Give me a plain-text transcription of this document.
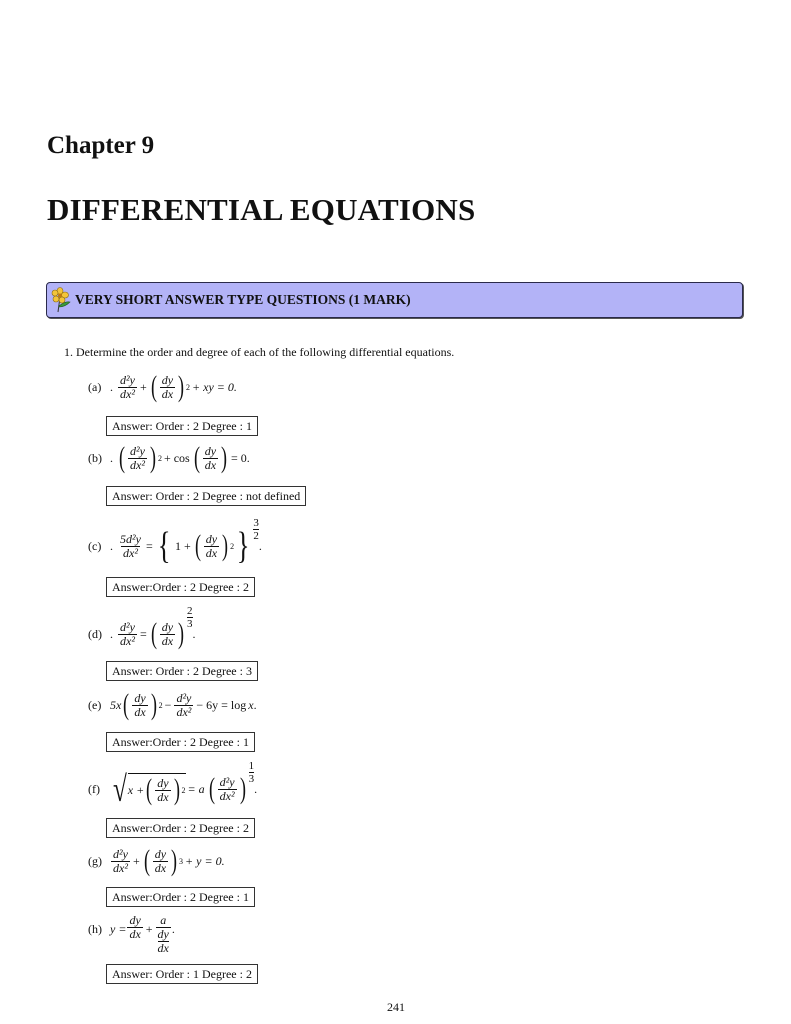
Chapter 9
DIFFERENTIAL EQUATIONS
VERY SHORT ANSWER TYPE QUESTIONS (1 MARK)
1. Determine the order and degree of each of the following differential equations.
(a) . $\frac{\text{d²y}}{\text{dx²}}$ + ( $\frac{dy}{dx}$ ) 2 + xy = 0.
Answer: Order : 2 Degree : 1
(b) . ( $\frac{\text{d²y}}{\text{dx²}}$ ) 2 + cos ( $\frac{dy}{dx}$ ) = 0.
Answer: Order : 2 Degree : not defined
(c) . $\frac{\text{5d²y}}{\text{dx²}}$ = { 1 + ( $\frac{dy}{dx}$ ) 2 } $\frac{3}{2}$
.
Answer:Order : 2 Degree : 2
(d) . $\frac{\text{d²y}}{\text{dx²}}$ = ( $\frac{dy}{dx}$ ) $\frac{2}{3}$
.
Answer: Order : 2 Degree : 3
(e) 5x ( $\frac{dy}{dx}$ ) $2 - \frac{\text{d²y}}{\text{dx²}} - 6y = \log x$ .
Answer:Order : 2 Degree : 1
(f) √ x + ( $\frac{dy}{dx}$ ) 2 = a ( $\frac{\text{d²y}}{\text{dx²}}$ ) $\frac{1}{3}$
.
Answer:Order : 2 Degree : 2
$(g) \frac{\text{d²y}}{\text{dx²}}$ + ( $\frac{dy}{dx}$ ) 3 + y = 0.
Answer:Order : 2 Degree : 1
(h) $y = \frac{dy}{dx} + a$
dy
dx .
Answer: Order : 1 Degree : 2
241
